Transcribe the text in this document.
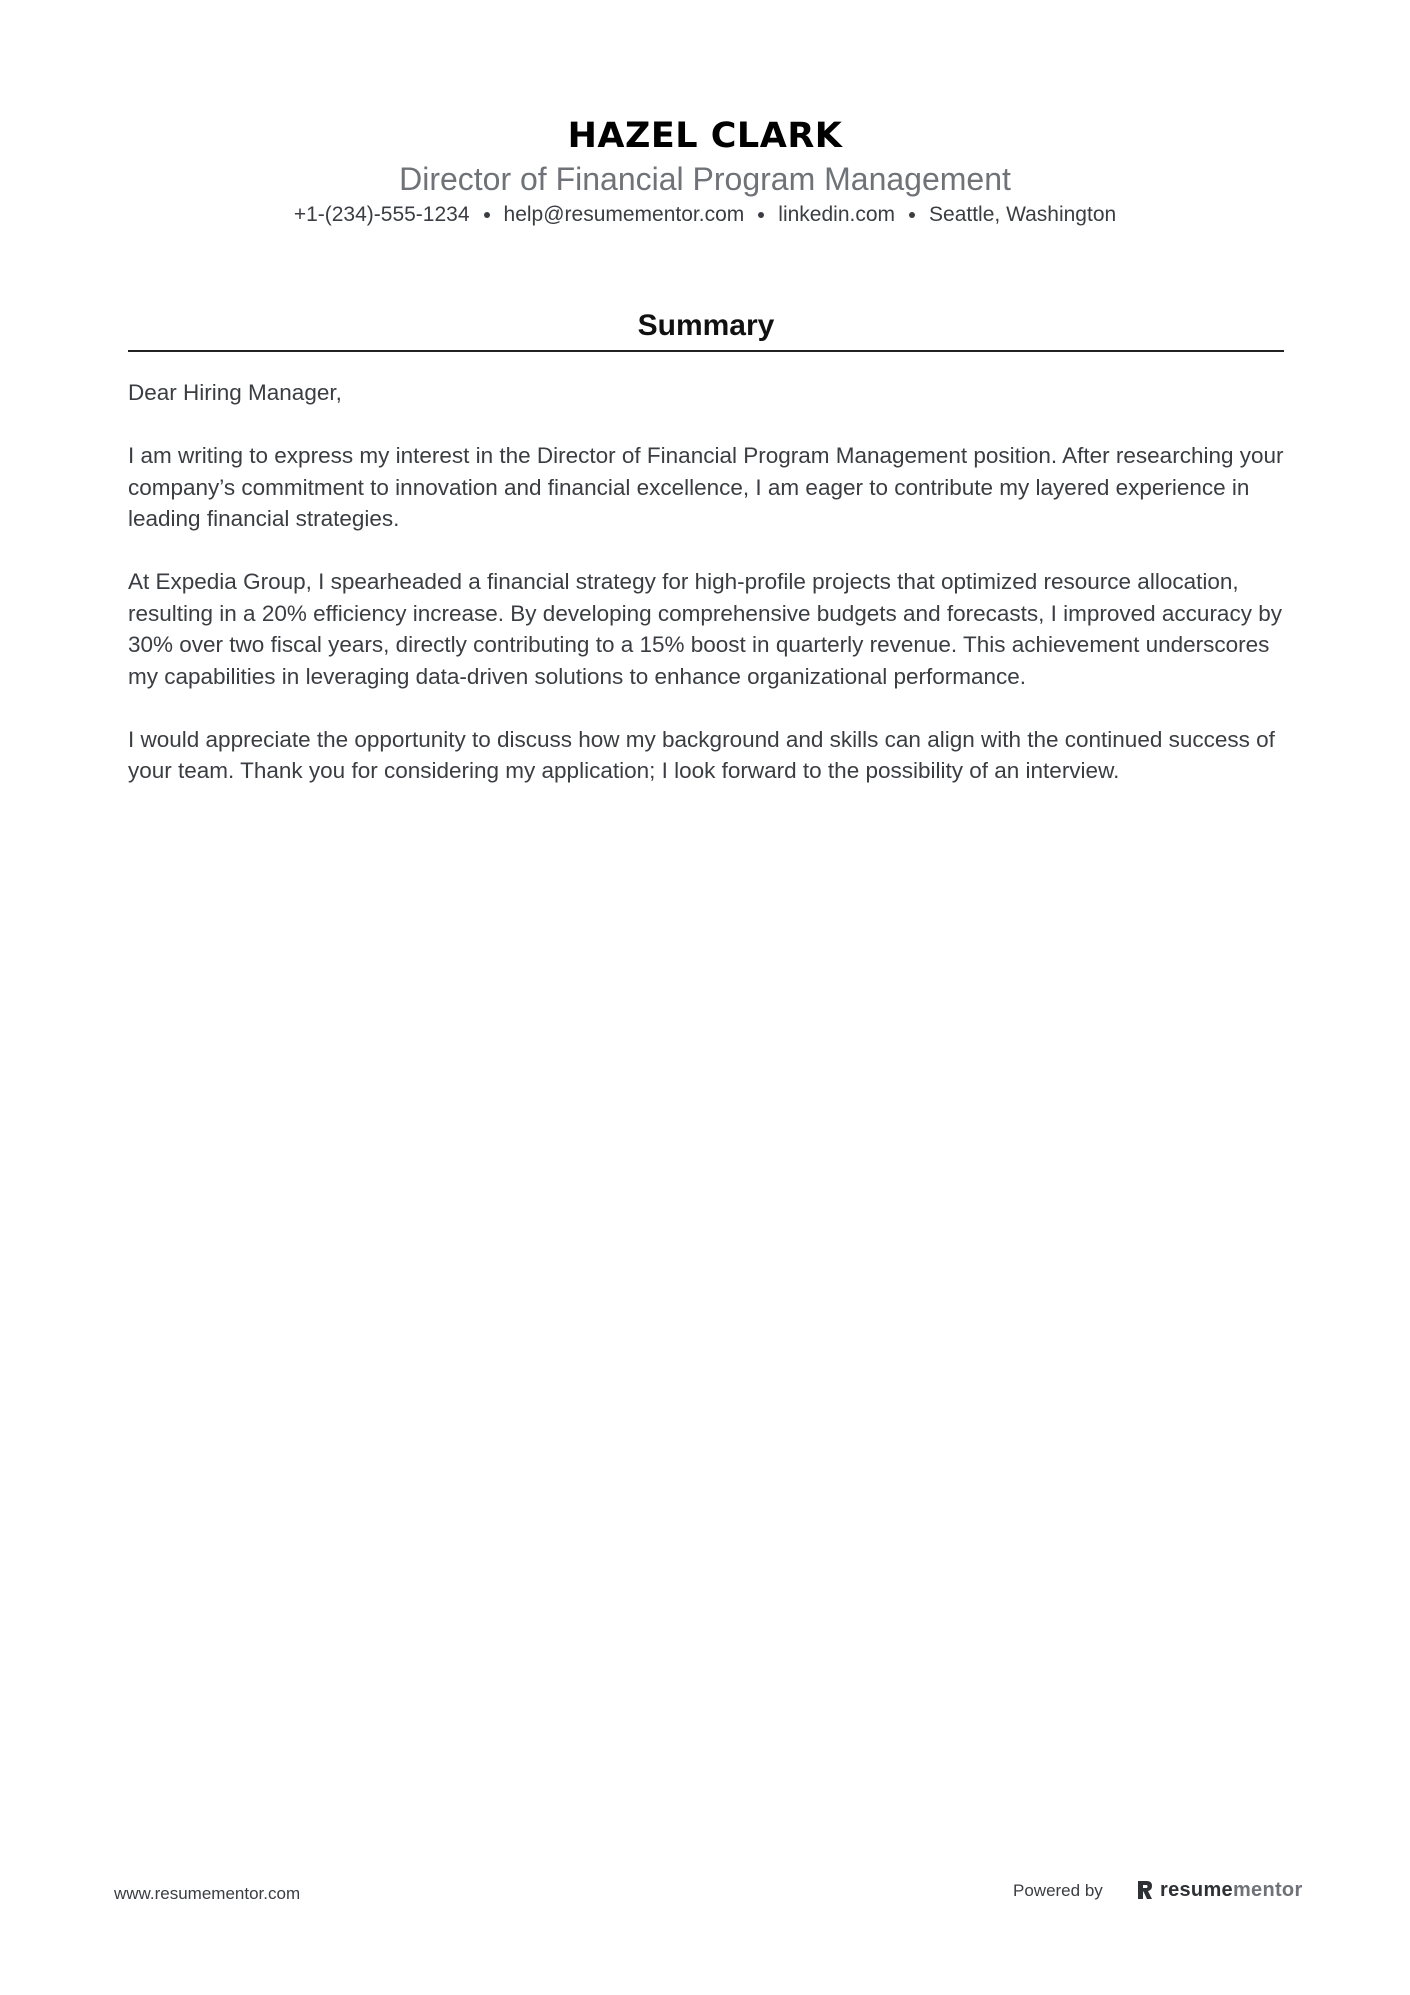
HAZEL CLARK

Director of Financial Program Management

+1-(234)-555-1234 help@resumementor.com linkedin.com Seattle, Washington

Summary

Dear Hiring Manager,

I am writing to express my interest in the Director of Financial Program Management position. After researching your company’s commitment to innovation and financial excellence, I am eager to contribute my layered experience in leading financial strategies.

At Expedia Group, I spearheaded a financial strategy for high-profile projects that optimized resource allocation, resulting in a 20% efficiency increase. By developing comprehensive budgets and forecasts, I improved accuracy by 30% over two fiscal years, directly contributing to a 15% boost in quarterly revenue. This achievement underscores my capabilities in leveraging data-driven solutions to enhance organizational performance.

I would appreciate the opportunity to discuss how my background and skills can align with the continued success of your team. Thank you for considering my application; I look forward to the possibility of an interview.

www.resumementor.com	Powered by	resumementor
